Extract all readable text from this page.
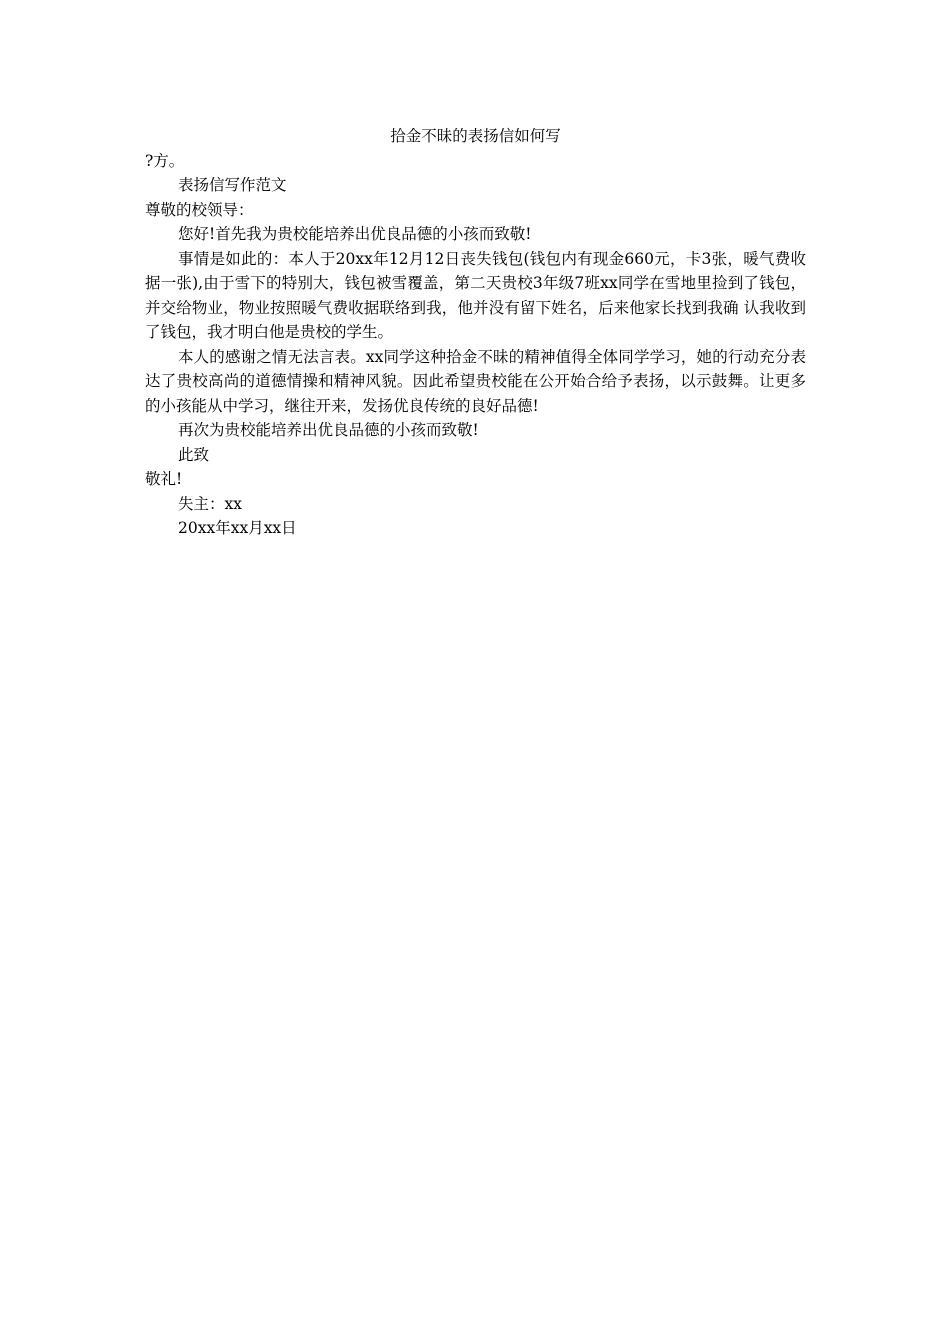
拾金不昧的表扬信如何写

?方。

表扬信写作范文

尊敬的校领导：

您好!首先我为贵校能培养出优良品德的小孩而致敬!

事情是如此的：本人于20xx年12月12日丧失钱包(钱包内有现金660元，卡3张，暖气费收据一张),由于雪下的特别大，钱包被雪覆盖，第二天贵校3年级7班xx同学在雪地里捡到了钱包，并交给物业，物业按照暖气费收据联络到我，他并没有留下姓名，后来他家长找到我确 认我收到了钱包，我才明白他是贵校的学生。

本人的感谢之情无法言表。xx同学这种拾金不昧的精神值得全体同学学习，她的行动充分表达了贵校高尚的道德情操和精神风貌。因此希望贵校能在公开始合给予表扬，以示鼓舞。让更多的小孩能从中学习，继往开来，发扬优良传统的良好品德!

再次为贵校能培养出优良品德的小孩而致敬!

此致

敬礼!

失主：xx

20xx年xx月xx日
